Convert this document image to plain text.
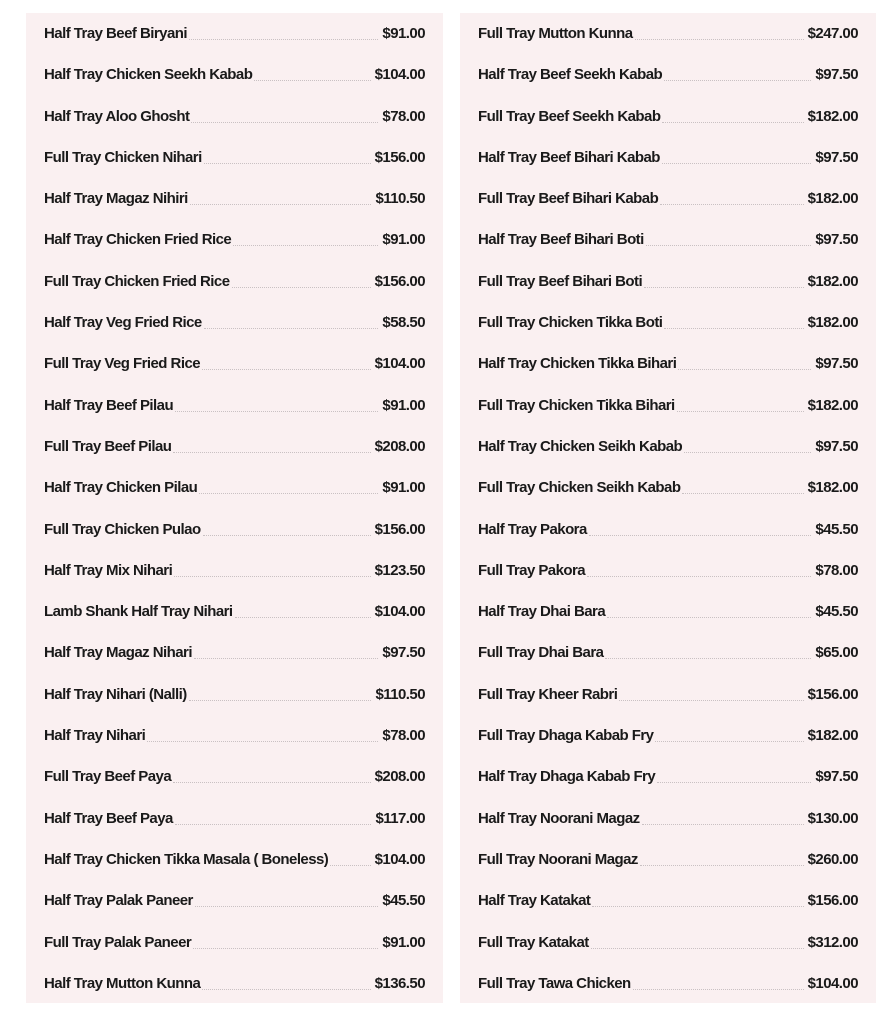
Half Tray Beef Biryani	$91.00
Half Tray Chicken Seekh Kabab	$104.00
Half Tray Aloo Ghosht	$78.00
Full Tray Chicken Nihari	$156.00
Half Tray Magaz Nihiri	$110.50
Half Tray Chicken Fried Rice	$91.00
Full Tray Chicken Fried Rice	$156.00
Half Tray Veg Fried Rice	$58.50
Full Tray Veg Fried Rice	$104.00
Half Tray Beef Pilau	$91.00
Full Tray Beef Pilau	$208.00
Half Tray Chicken Pilau	$91.00
Full Tray Chicken Pulao	$156.00
Half Tray Mix Nihari	$123.50
Lamb Shank Half Tray Nihari	$104.00
Half Tray Magaz Nihari	$97.50
Half Tray Nihari (Nalli)	$110.50
Half Tray Nihari	$78.00
Full Tray Beef Paya	$208.00
Half Tray Beef Paya	$117.00
Half Tray Chicken Tikka Masala ( Boneless)	$104.00
Half Tray Palak Paneer	$45.50
Full Tray Palak Paneer	$91.00
Half Tray Mutton Kunna	$136.50
Full Tray Mutton Kunna	$247.00
Half Tray Beef Seekh Kabab	$97.50
Full Tray Beef Seekh Kabab	$182.00
Half Tray Beef Bihari Kabab	$97.50
Full Tray Beef Bihari Kabab	$182.00
Half Tray Beef Bihari Boti	$97.50
Full Tray Beef Bihari Boti	$182.00
Full Tray Chicken Tikka Boti	$182.00
Half Tray Chicken Tikka Bihari	$97.50
Full Tray Chicken Tikka Bihari	$182.00
Half Tray Chicken Seikh Kabab	$97.50
Full Tray Chicken Seikh Kabab	$182.00
Half Tray Pakora	$45.50
Full Tray Pakora	$78.00
Half Tray Dhai Bara	$45.50
Full Tray Dhai Bara	$65.00
Full Tray Kheer Rabri	$156.00
Full Tray Dhaga Kabab Fry	$182.00
Half Tray Dhaga Kabab Fry	$97.50
Half Tray Noorani Magaz	$130.00
Full Tray Noorani Magaz	$260.00
Half Tray Katakat	$156.00
Full Tray Katakat	$312.00
Full Tray Tawa Chicken	$104.00
